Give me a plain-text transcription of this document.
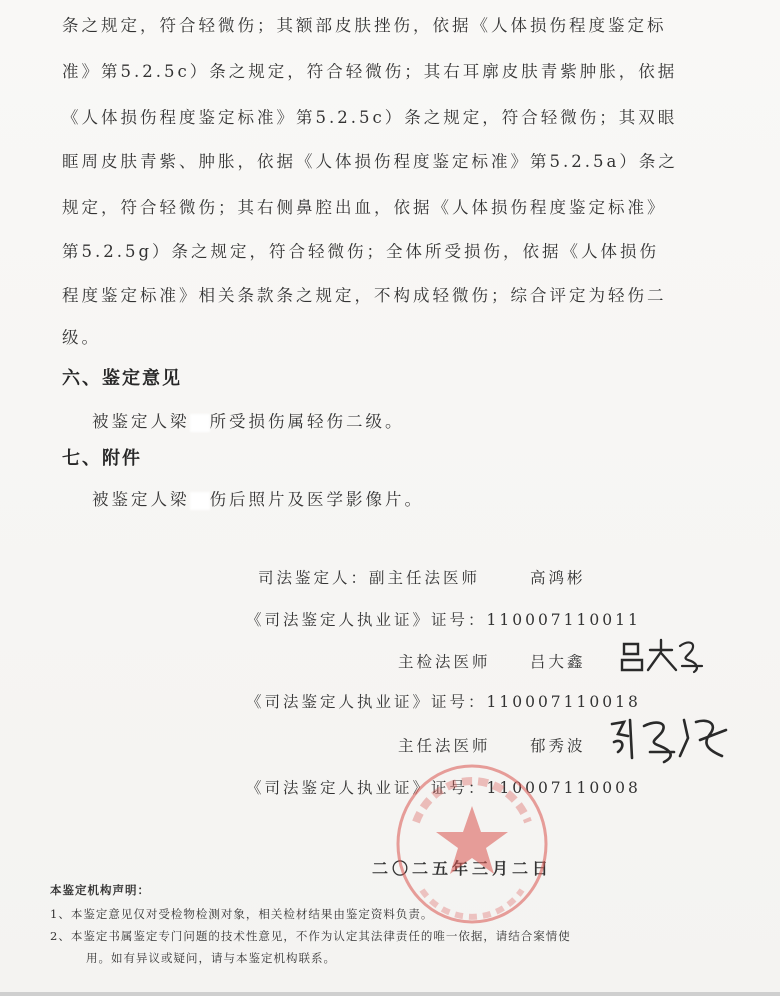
条之规定，符合轻微伤；其额部皮肤挫伤，依据《人体损伤程度鉴定标
准》第5.2.5c）条之规定，符合轻微伤；其右耳廓皮肤青紫肿胀，依据
《人体损伤程度鉴定标准》第5.2.5c）条之规定，符合轻微伤；其双眼
眶周皮肤青紫、肿胀，依据《人体损伤程度鉴定标准》第5.2.5a）条之
规定，符合轻微伤；其右侧鼻腔出血，依据《人体损伤程度鉴定标准》
第5.2.5g）条之规定，符合轻微伤；全体所受损伤，依据《人体损伤
程度鉴定标准》相关条款条之规定，不构成轻微伤；综合评定为轻伤二
级。
六、鉴定意见
被鉴定人梁 所受损伤属轻伤二级。
七、附件
被鉴定人梁 伤后照片及医学影像片。
司法鉴定人：副主任法医师	高鸿彬
《司法鉴定人执业证》证号：110007110011
主检法医师	吕大鑫
《司法鉴定人执业证》证号：110007110018
主任法医师	郁秀波
《司法鉴定人执业证》证号：110007110008
二〇二五年三月二日
本鉴定机构声明：
1、本鉴定意见仅对受检物检测对象，相关检材结果由鉴定资料负责。
2、本鉴定书属鉴定专门问题的技术性意见，不作为认定其法律责任的唯一依据，请结合案情使
用。如有异议或疑问，请与本鉴定机构联系。
